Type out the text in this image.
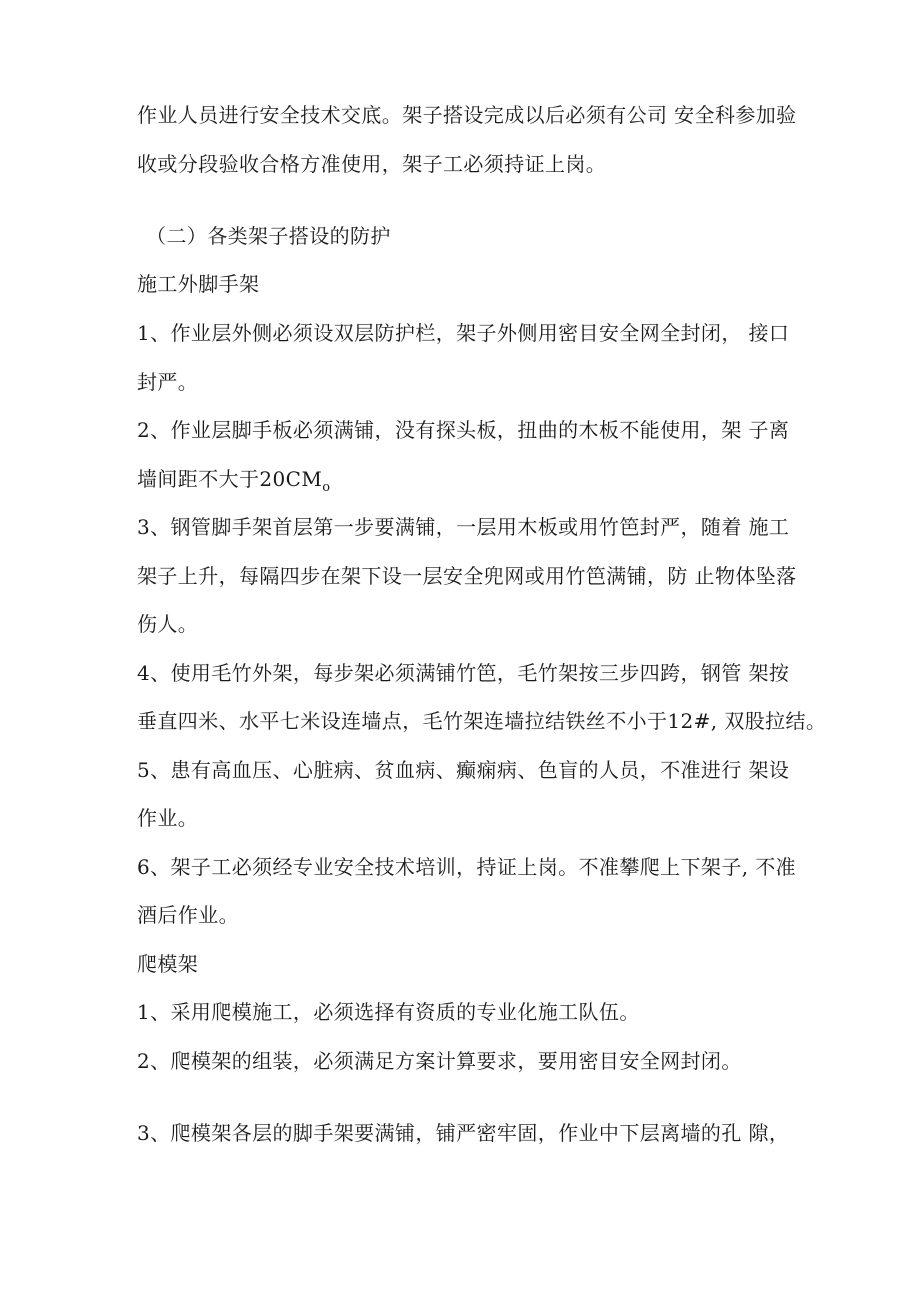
作业人员进行安全技术交底。架子搭设完成以后必须有公司 安全科参加验

收或分段验收合格方准使用，架子工必须持证上岗。

（二）各类架子搭设的防护

施工外脚手架

1、作业层外侧必须设双层防护栏，架子外侧用密目安全网全封闭， 接口

封严。

2、作业层脚手板必须满铺，没有探头板，扭曲的木板不能使用，架 子离

墙间距不大于$20CM_o$

3、钢管脚手架首层第一步要满铺，一层用木板或用竹笆封严，随着 施工

架子上升，每隔四步在架下设一层安全兜网或用竹笆满铺，防 止物体坠落

伤人。

4、使用毛竹外架，每步架必须满铺竹笆，毛竹架按三步四跨，钢管 架按

垂直四米、水平七米设连墙点，毛竹架连墙拉结铁丝不小于12#, 双股拉结。

5、患有高血压、心脏病、贫血病、癫痫病、色盲的人员，不准进行 架设

作业。

6、架子工必须经专业安全技术培训，持证上岗。不准攀爬上下架子, 不准

酒后作业。

爬模架

1、采用爬模施工，必须选择有资质的专业化施工队伍。

2、爬模架的组装，必须满足方案计算要求，要用密目安全网封闭。

3、爬模架各层的脚手架要满铺，铺严密牢固，作业中下层离墙的孔 隙，
